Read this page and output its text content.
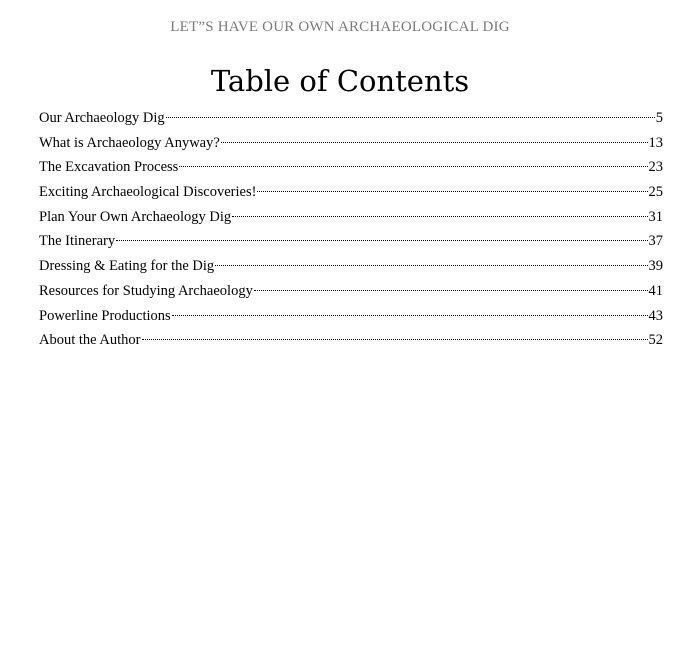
LET”S HAVE OUR OWN ARCHAEOLOGICAL DIG
Table of Contents
Our Archaeology Dig	5
What is Archaeology Anyway?	13
The Excavation Process	23
Exciting Archaeological Discoveries!	25
Plan Your Own Archaeology Dig	31
The Itinerary	37
Dressing & Eating for the Dig	39
Resources for Studying Archaeology	41
Powerline Productions	43
About the Author	52
